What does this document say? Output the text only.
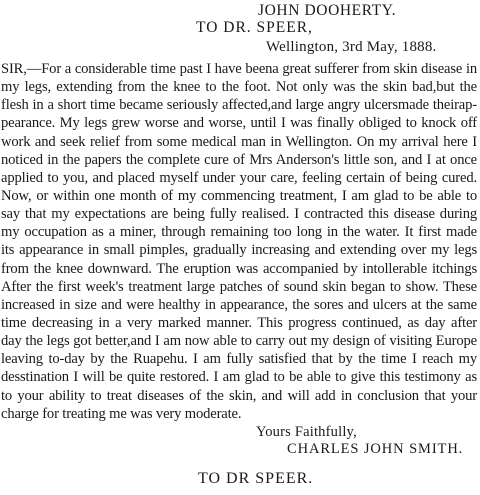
JOHN DOOHERTY.
TO DR. SPEER,
Wellington, 3rd May, 1888.
SIR,—For a considerable time past I have beena great sufferer from skin disease in
my legs, extending from the knee to the foot. Not only was the skin bad,but the
flesh in a short time became seriously affected,and large angry ulcersmade theirap-
pearance. My legs grew worse and worse, until I was finally obliged to knock off
work and seek relief from some medical man in Wellington. On my arrival here I
noticed in the papers the complete cure of Mrs Anderson's little son, and I at once
applied to you, and placed myself under your care, feeling certain of being cured.
Now, or within one month of my commencing treatment, I am glad to be able to
say that my expectations are being fully realised. I contracted this disease during
my occupation as a miner, through remaining too long in the water. It first made
its appearance in small pimples, gradually increasing and extending over my legs
from the knee downward. The eruption was accompanied by intollerable itchings
After the first week's treatment large patches of sound skin began to show. These
increased in size and were healthy in appearance, the sores and ulcers at the same
time decreasing in a very marked manner. This progress continued, as day after
day the legs got better,and I am now able to carry out my design of visiting Europe
leaving to-day by the Ruapehu. I am fully satisfied that by the time I reach my
desstination I will be quite restored. I am glad to be able to give this testimony as
to your ability to treat diseases of the skin, and will add in conclusion that your
charge for treating me was very moderate.
Yours Faithfully,
CHARLES JOHN SMITH.
TO DR SPEER.
